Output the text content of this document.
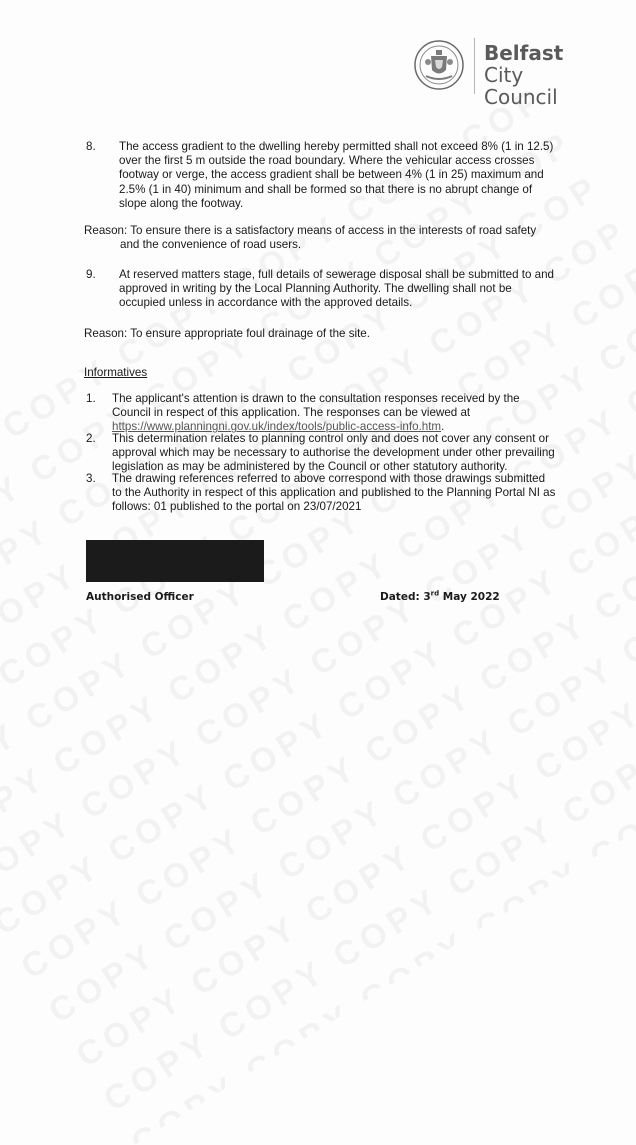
Belfast
City Council
8.	The access gradient to the dwelling hereby permitted shall not exceed 8% (1 in 12.5) over the first 5 m outside the road boundary. Where the vehicular access crosses footway or verge, the access gradient shall be between 4% (1 in 25) maximum and 2.5% (1 in 40) minimum and shall be formed so that there is no abrupt change of slope along the footway.
Reason: To ensure there is a satisfactory means of access in the interests of road safety
and the convenience of road users.
9.	At reserved matters stage, full details of sewerage disposal shall be submitted to and approved in writing by the Local Planning Authority. The dwelling shall not be occupied unless in accordance with the approved details.
Reason: To ensure appropriate foul drainage of the site.
Informatives
1.	The applicant's attention is drawn to the consultation responses received by the Council in respect of this application. The responses can be viewed at https://www.planningni.gov.uk/index/tools/public-access-info.htm.
2.	This determination relates to planning control only and does not cover any consent or approval which may be necessary to authorise the development under other prevailing legislation as may be administered by the Council or other statutory authority.
3.	The drawing references referred to above correspond with those drawings submitted to the Authority in respect of this application and published to the Planning Portal NI as follows: 01 published to the portal on 23/07/2021
Authorised Officer	Dated: 3rd May 2022
